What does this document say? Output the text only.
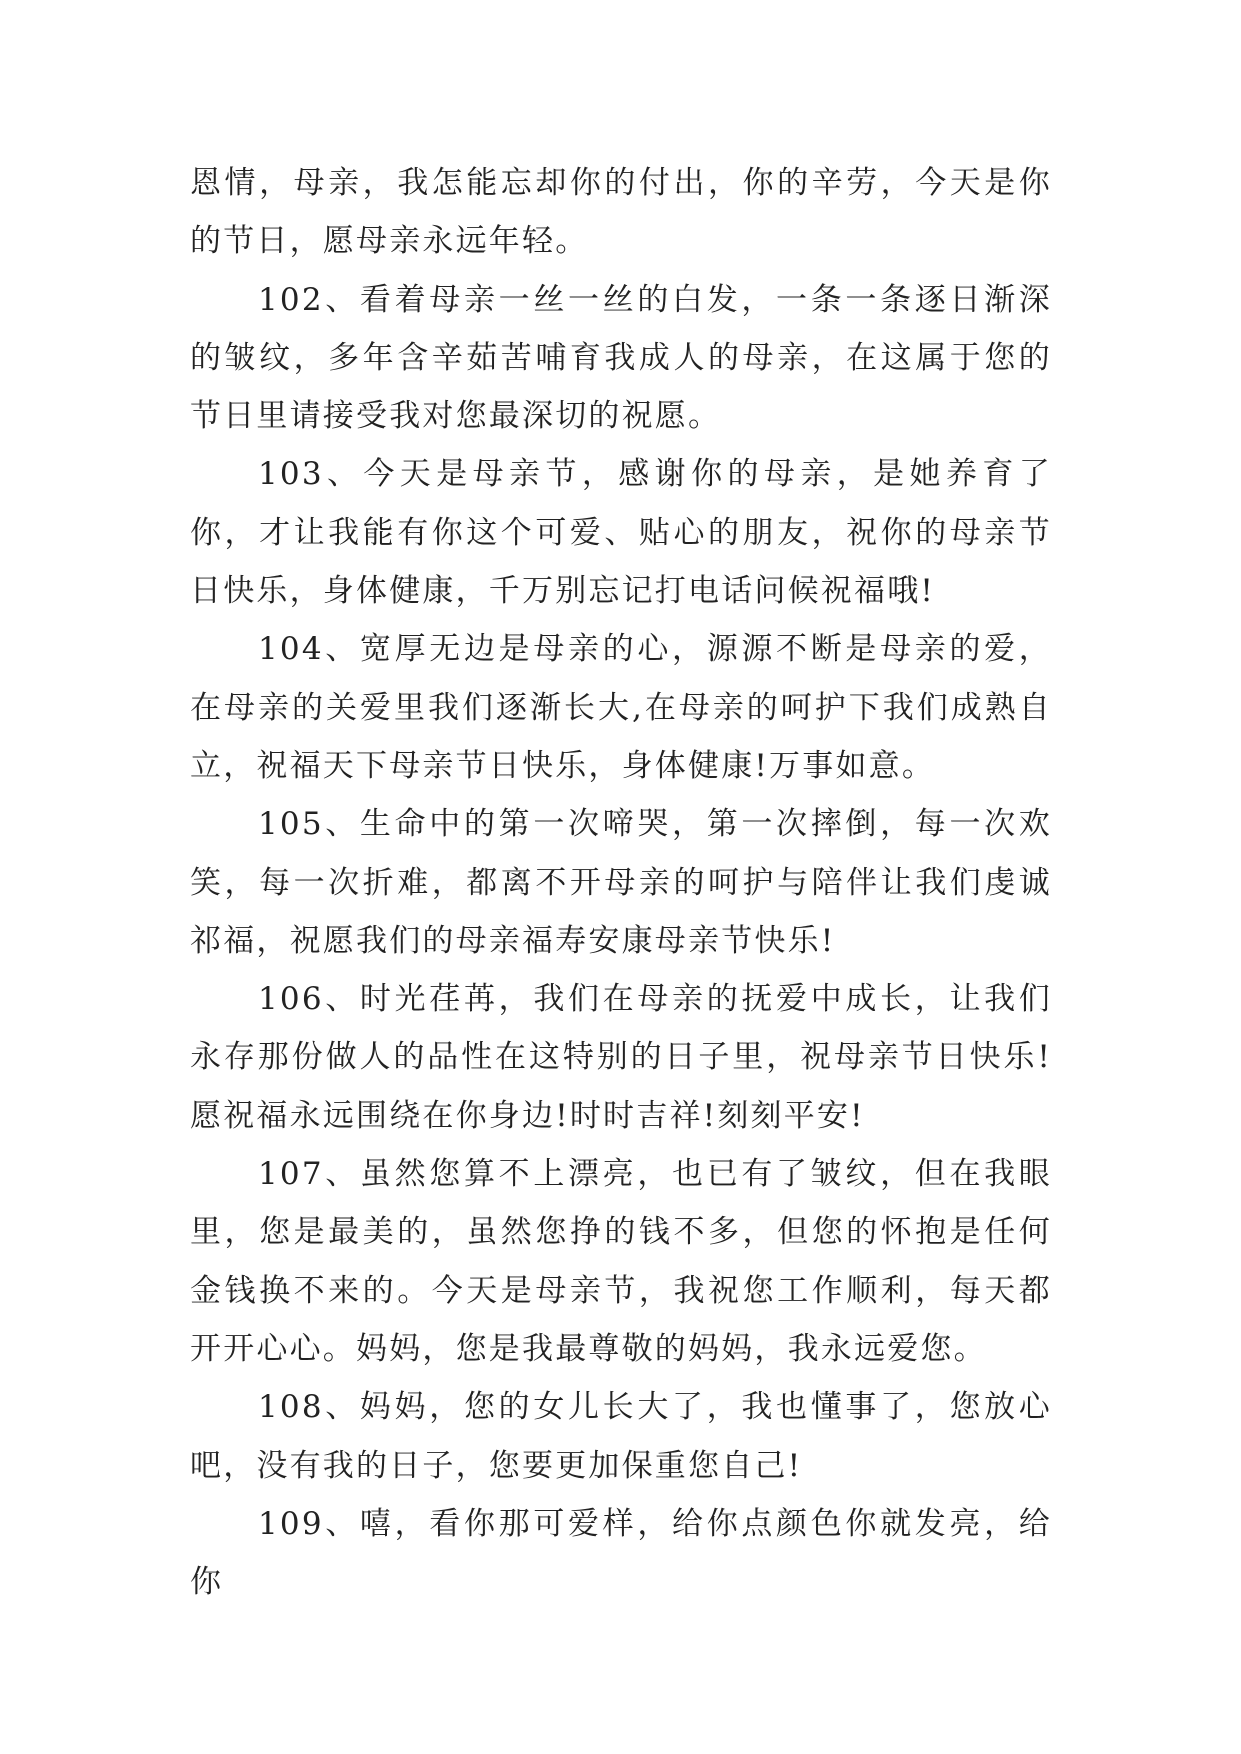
恩情，母亲，我怎能忘却你的付出，你的辛劳，今天是你的节日，愿母亲永远年轻。

102、看着母亲一丝一丝的白发，一条一条逐日渐深的皱纹，多年含辛茹苦哺育我成人的母亲，在这属于您的节日里请接受我对您最深切的祝愿。

103、今天是母亲节，感谢你的母亲，是她养育了你，才让我能有你这个可爱、贴心的朋友，祝你的母亲节日快乐，身体健康，千万别忘记打电话问候祝福哦!

104、宽厚无边是母亲的心，源源不断是母亲的爱，在母亲的关爱里我们逐渐长大,在母亲的呵护下我们成熟自立，祝福天下母亲节日快乐，身体健康!万事如意。

105、生命中的第一次啼哭，第一次摔倒，每一次欢笑，每一次折难，都离不开母亲的呵护与陪伴让我们虔诚祁福，祝愿我们的母亲福寿安康母亲节快乐!

106、时光荏苒，我们在母亲的抚爱中成长，让我们永存那份做人的品性在这特别的日子里，祝母亲节日快乐!愿祝福永远围绕在你身边!时时吉祥!刻刻平安!

107、虽然您算不上漂亮，也已有了皱纹，但在我眼里，您是最美的，虽然您挣的钱不多，但您的怀抱是任何金钱换不来的。今天是母亲节，我祝您工作顺利，每天都开开心心。妈妈，您是我最尊敬的妈妈，我永远爱您。

108、妈妈，您的女儿长大了，我也懂事了，您放心吧，没有我的日子，您要更加保重您自己!

109、嘻，看你那可爱样，给你点颜色你就发亮，给你
